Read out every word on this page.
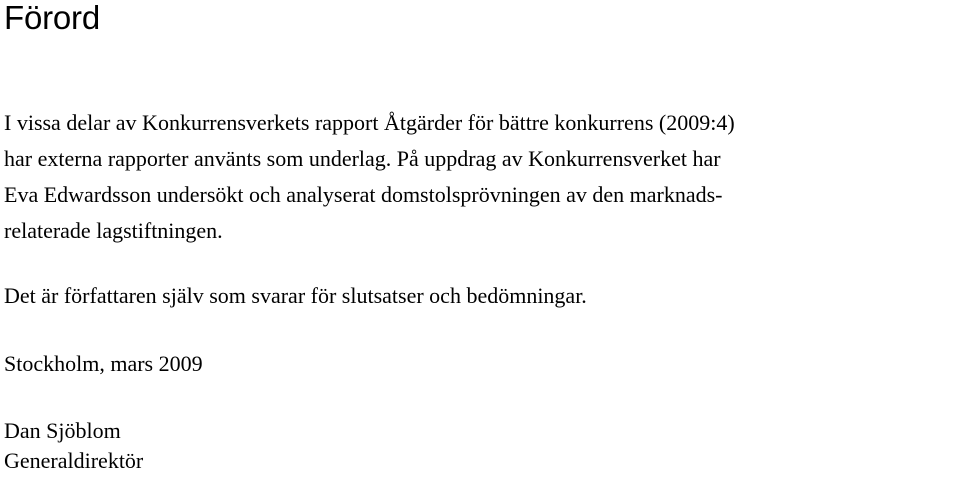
Förord

I vissa delar av Konkurrensverkets rapport Åtgärder för bättre konkurrens (2009:4)
har externa rapporter använts som underlag. På uppdrag av Konkurrensverket har
Eva Edwardsson undersökt och analyserat domstolsprövningen av den marknads-
relaterade lagstiftningen.

Det är författaren själv som svarar för slutsatser och bedömningar.

Stockholm, mars 2009

Dan Sjöblom
Generaldirektör
